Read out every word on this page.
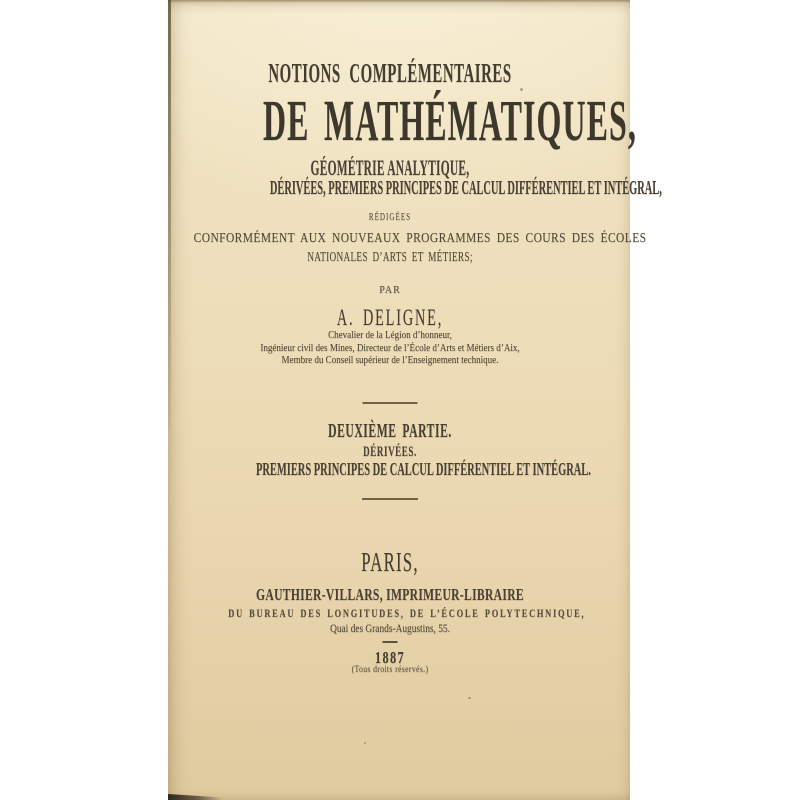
NOTIONS COMPLÉMENTAIRES
DE MATHÉMATIQUES,
GÉOMÉTRIE ANALYTIQUE,
DÉRIVÉES, PREMIERS PRINCIPES DE CALCUL DIFFÉRENTIEL ET INTÉGRAL,
RÉDIGÉES
CONFORMÉMENT AUX NOUVEAUX PROGRAMMES DES COURS DES ÉCOLES
NATIONALES D’ARTS ET MÉTIERS;
PAR
A. DELIGNE,
Chevalier de la Légion d’honneur,
Ingénieur civil des Mines, Directeur de l’École d’Arts et Métiers d’Aix,
Membre du Conseil supérieur de l’Enseignement technique.
DEUXIÈME PARTIE.
DÉRIVÉES.
PREMIERS PRINCIPES DE CALCUL DIFFÉRENTIEL ET INTÉGRAL.
PARIS,
GAUTHIER-VILLARS, IMPRIMEUR-LIBRAIRE
DU BUREAU DES LONGITUDES, DE L’ÉCOLE POLYTECHNIQUE,
Quai des Grands-Augustins, 55.
1887
(Tous droits réservés.)
